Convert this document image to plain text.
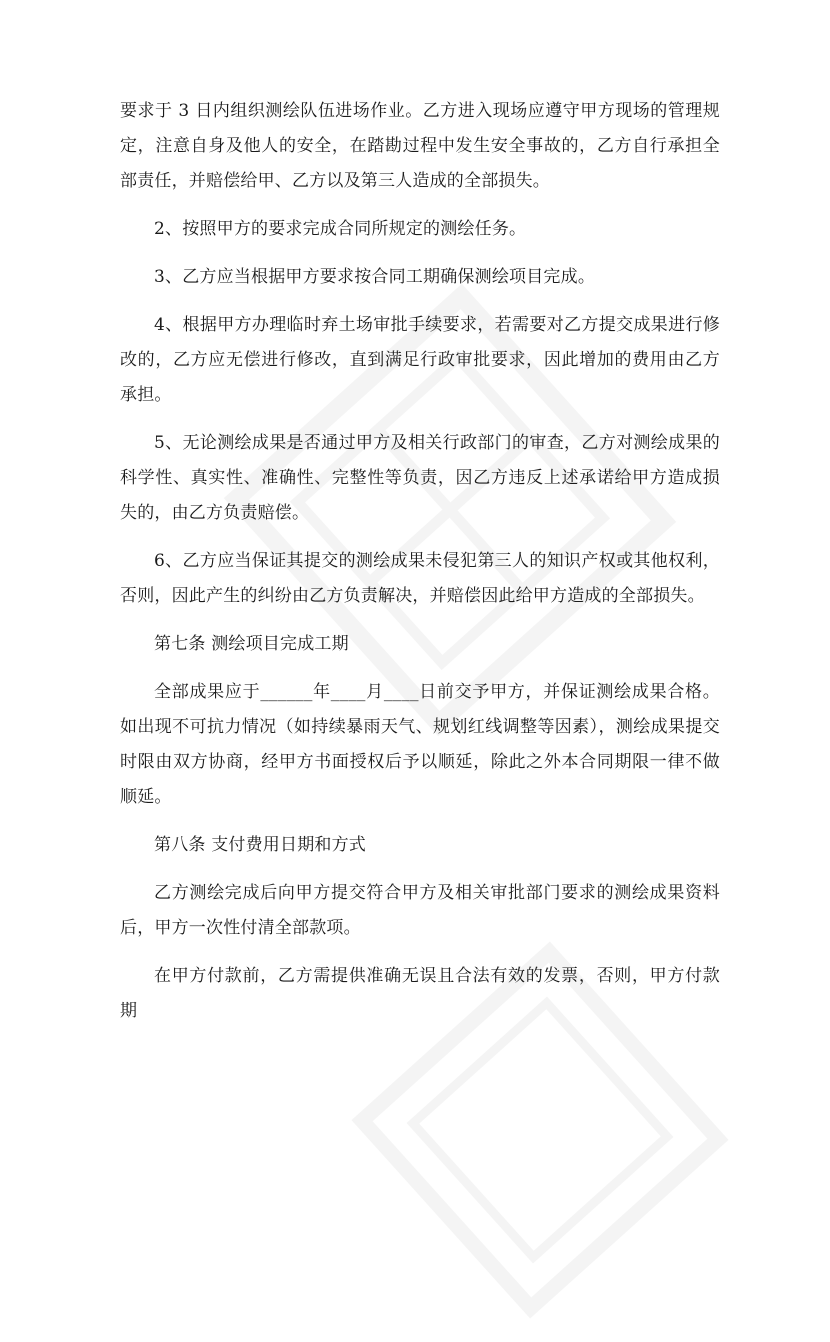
要求于 3 日内组织测绘队伍进场作业。乙方进入现场应遵守甲方现场的管理规定，注意自身及他人的安全，在踏勘过程中发生安全事故的，乙方自行承担全部责任，并赔偿给甲、乙方以及第三人造成的全部损失。

2、按照甲方的要求完成合同所规定的测绘任务。

3、乙方应当根据甲方要求按合同工期确保测绘项目完成。

4、根据甲方办理临时弃土场审批手续要求，若需要对乙方提交成果进行修改的，乙方应无偿进行修改，直到满足行政审批要求，因此增加的费用由乙方承担。

5、无论测绘成果是否通过甲方及相关行政部门的审查，乙方对测绘成果的科学性、真实性、准确性、完整性等负责，因乙方违反上述承诺给甲方造成损失的，由乙方负责赔偿。

6、乙方应当保证其提交的测绘成果未侵犯第三人的知识产权或其他权利，否则，因此产生的纠纷由乙方负责解决，并赔偿因此给甲方造成的全部损失。

第七条 测绘项目完成工期

全部成果应于______年____月____日前交予甲方，并保证测绘成果合格。如出现不可抗力情况（如持续暴雨天气、规划红线调整等因素），测绘成果提交时限由双方协商，经甲方书面授权后予以顺延，除此之外本合同期限一律不做顺延。

第八条 支付费用日期和方式

乙方测绘完成后向甲方提交符合甲方及相关审批部门要求的测绘成果资料后，甲方一次性付清全部款项。

在甲方付款前，乙方需提供准确无误且合法有效的发票，否则，甲方付款期
